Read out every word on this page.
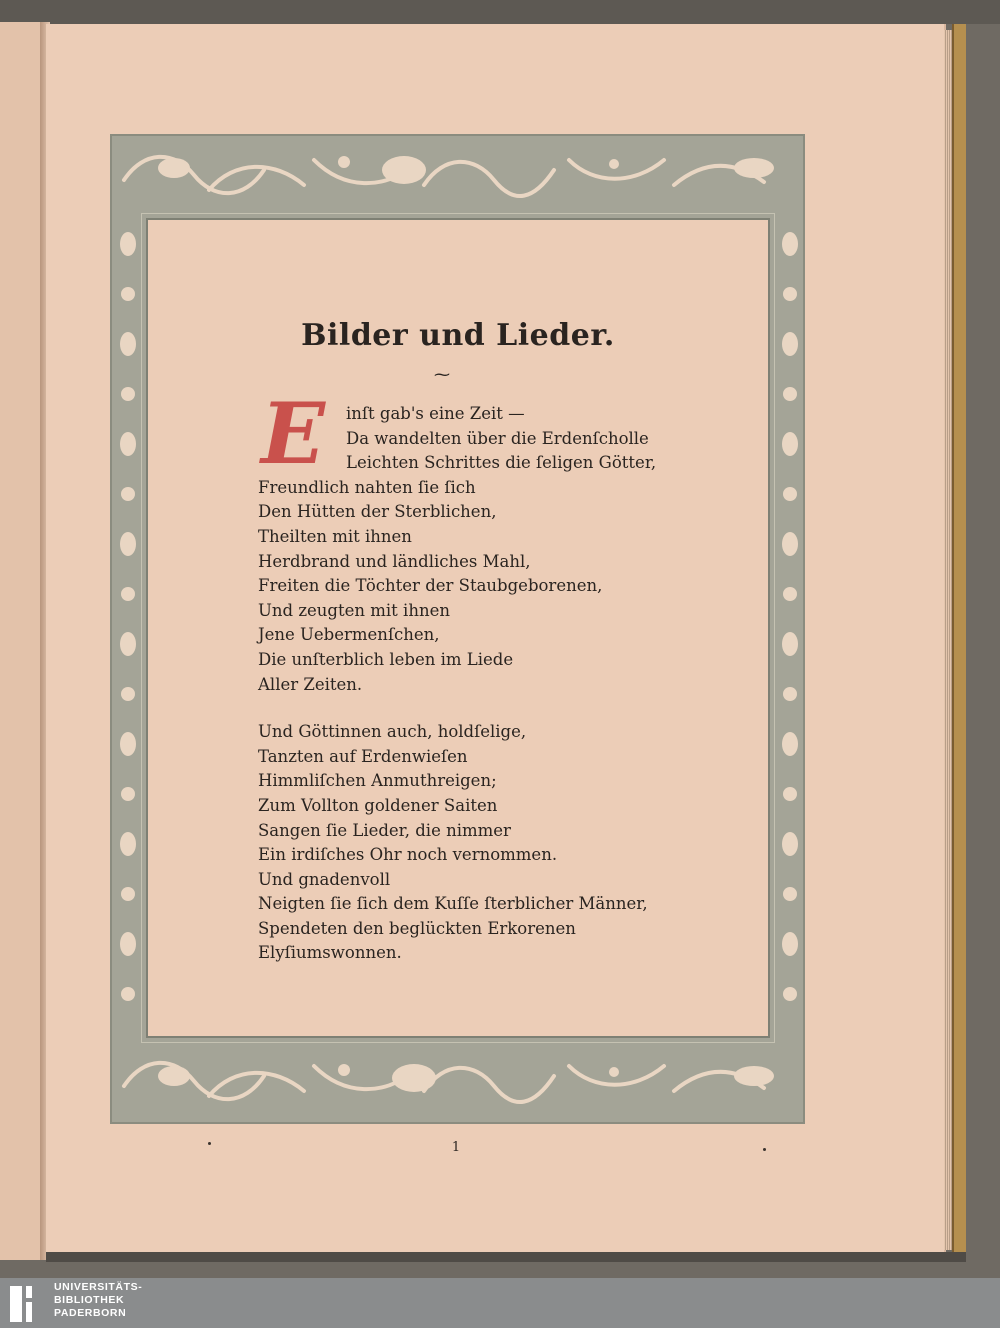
Bilder und Lieder.
⁓
E	inſt gab's eine Zeit —
Da wandelten über die Erdenſcholle
Leichten Schrittes die ſeligen Götter,
Freundlich nahten ſie ſich
Den Hütten der Sterblichen,
Theilten mit ihnen
Herdbrand und ländliches Mahl,
Freiten die Töchter der Staubgeborenen,
Und zeugten mit ihnen
Jene Uebermenſchen,
Die unſterblich leben im Liede
Aller Zeiten.
Und Göttinnen auch, holdſelige,
Tanzten auf Erdenwieſen
Himmliſchen Anmuthreigen;
Zum Vollton goldener Saiten
Sangen ſie Lieder, die nimmer
Ein irdiſches Ohr noch vernommen.
Und gnadenvoll
Neigten ſie ſich dem Kuſſe ſterblicher Männer,
Spendeten den beglückten Erkorenen
Elyſiumswonnen.
1
UNIVERSITÄTS-
BIBLIOTHEK
PADERBORN
